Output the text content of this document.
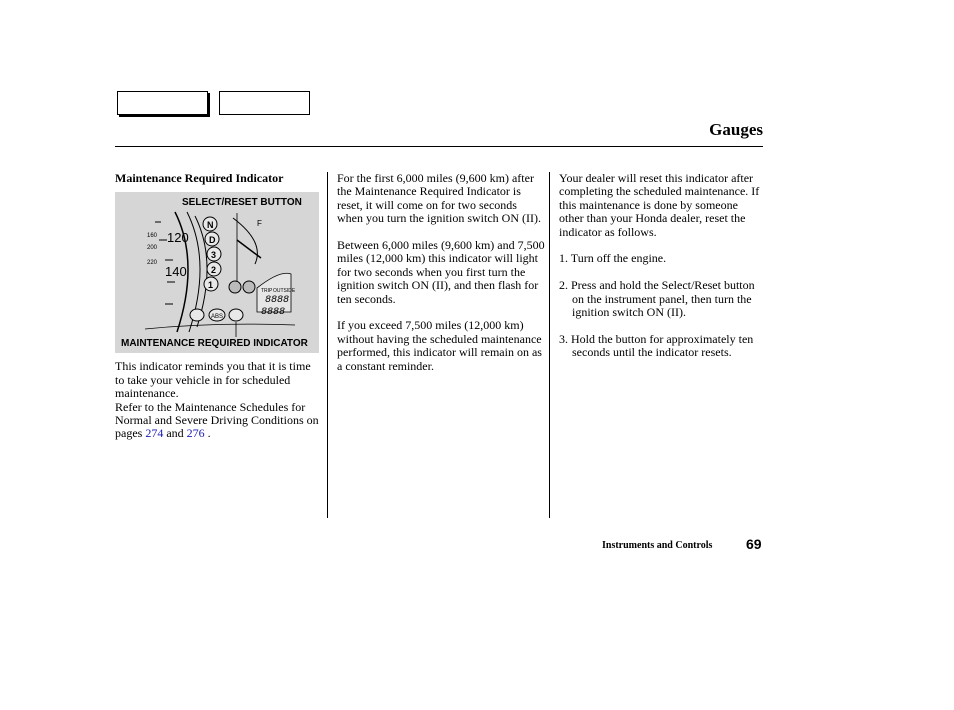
Gauges
Maintenance Required Indicator
120
140
160
200
220
N
D
3
2
1
F
TRIP OUTSIDE
8888
8888
ABS
SELECT/RESET BUTTON
MAINTENANCE REQUIRED INDICATOR
This indicator reminds you that it is time to take your vehicle in for scheduled maintenance.
Refer to the Maintenance Schedules for Normal and Severe Driving Conditions on pages 274 and 276 .

For the first 6,000 miles (9,600 km) after the Maintenance Required Indicator is reset, it will come on for two seconds when you turn the ignition switch ON (II).

Between 6,000 miles (9,600 km) and 7,500 miles (12,000 km) this indicator will light for two seconds when you first turn the ignition switch ON (II), and then flash for ten seconds.

If you exceed 7,500 miles (12,000 km) without having the scheduled maintenance performed, this indicator will remain on as a constant reminder.

Your dealer will reset this indicator after completing the scheduled maintenance. If this maintenance is done by someone other than your Honda dealer, reset the indicator as follows.

1. Turn off the engine.

2. Press and hold the Select/Reset button on the instrument panel, then turn the ignition switch ON (II).

3. Hold the button for approximately ten seconds until the indicator resets.

Instruments and Controls 69
